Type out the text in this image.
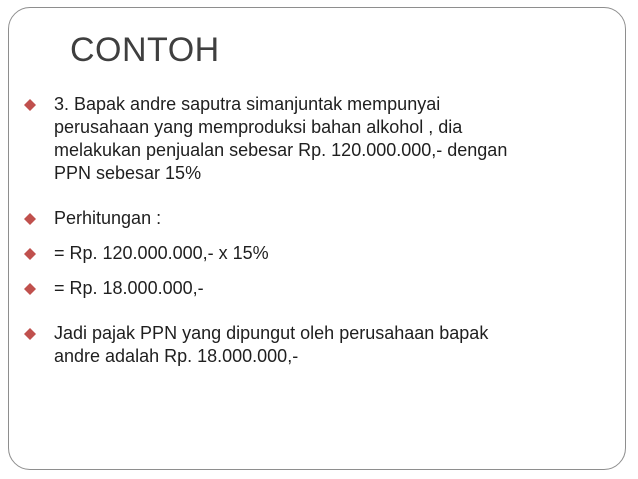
CONTOH
3. Bapak andre saputra simanjuntak mempunyai
perusahaan yang memproduksi bahan alkohol , dia
melakukan penjualan sebesar Rp. 120.000.000,- dengan
PPN sebesar 15%
Perhitungan :
= Rp. 120.000.000,- x 15%
= Rp. 18.000.000,-
Jadi pajak PPN yang dipungut oleh perusahaan bapak
andre adalah Rp. 18.000.000,-
